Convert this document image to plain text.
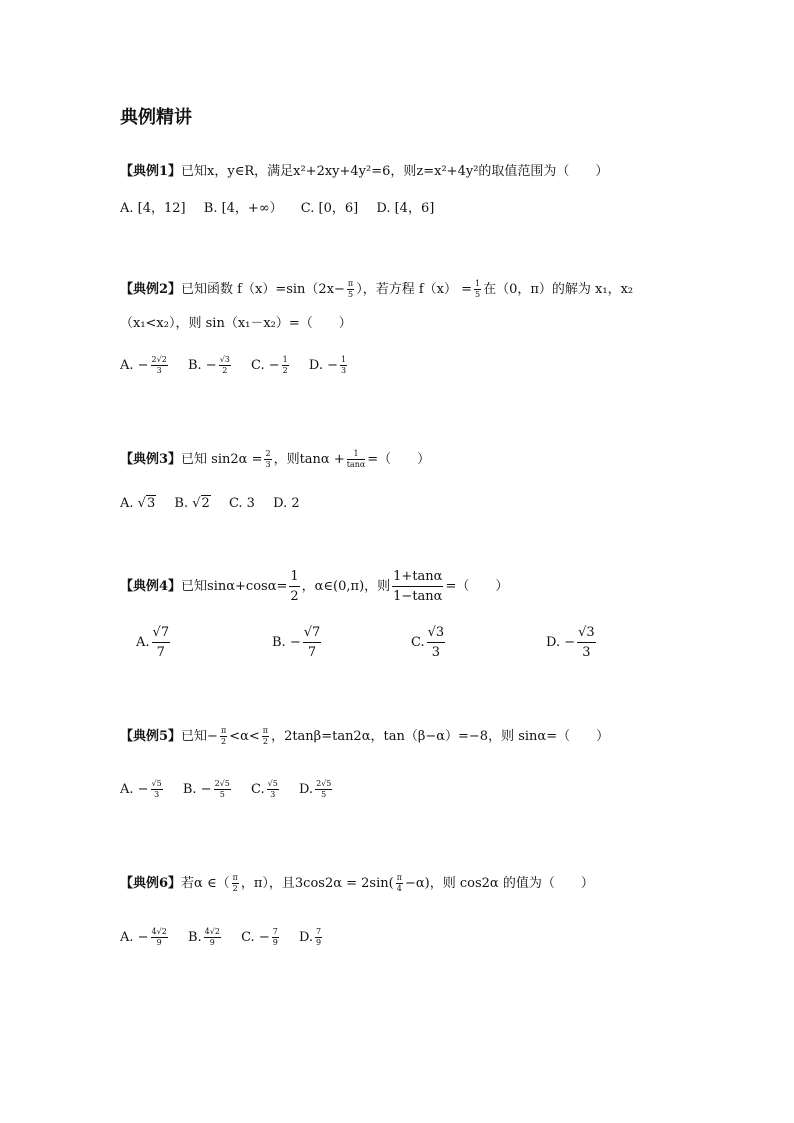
典例精讲
【典例1】已知x，y∈R，满足x²+2xy+4y²=6，则z=x²+4y²的取值范围为（　　）
A. [4，12] B. [4，+∞） C. [0，6] D. [4，6]
【典例2】已知函数 $f(x)=\sin(2x- \frac{\pi}{5}$ ），若方程 $f(x) = \frac{1}{5}$ 在（0，π）的解为 x₁，x₂
（x₁<x₂），则 sin（x₁－x₂）=（　　）
A. − $\frac{2√2}{3} B$. − $\frac{√3}{2} C$. − $\frac{1}{2} D$. − $\frac{1}{3}$
【典例3】已知 $\sin 2\alpha = \frac{2}{3}$ ，则$\tan\alpha + \frac{1}{\tan\alpha}$ =（　　）
A. √3 B. √2 C. 3 D. 2
【典例4】已知$\sin\alpha+\cos\alpha= \frac{1}{2}$ ，α∈(0,π)，则 $\frac{1+\tan\alpha}{1-\tan\alpha}$ =（　　）
A. $\frac{√7}{7}$	B. − $\frac{√7}{7}$	C. $\frac{√3}{3}$	D. − $\frac{√3}{3}$
【典例5】已知− $\frac{\pi}{2} <\alpha< \frac{\pi}{2}$ ，2tanβ=tan2α，tan（β−α）=−8，则 sinα=（　　）
A. − $\frac{√5}{3} B$. − $\frac{2√5}{5} C$. $\frac{√5}{3} D$. $\frac{2√5}{5}$
【典例6】若α ∈（ $\frac{\pi}{2}$ ，π），且$3\cos 2\alpha = 2\sin( \frac{\pi}{4} -\alpha)$，则 cos2α 的值为（　　）
A. − $\frac{4√2}{9} B$. $\frac{4√2}{9} C$. − $\frac{7}{9} D$. $\frac{7}{9}$
